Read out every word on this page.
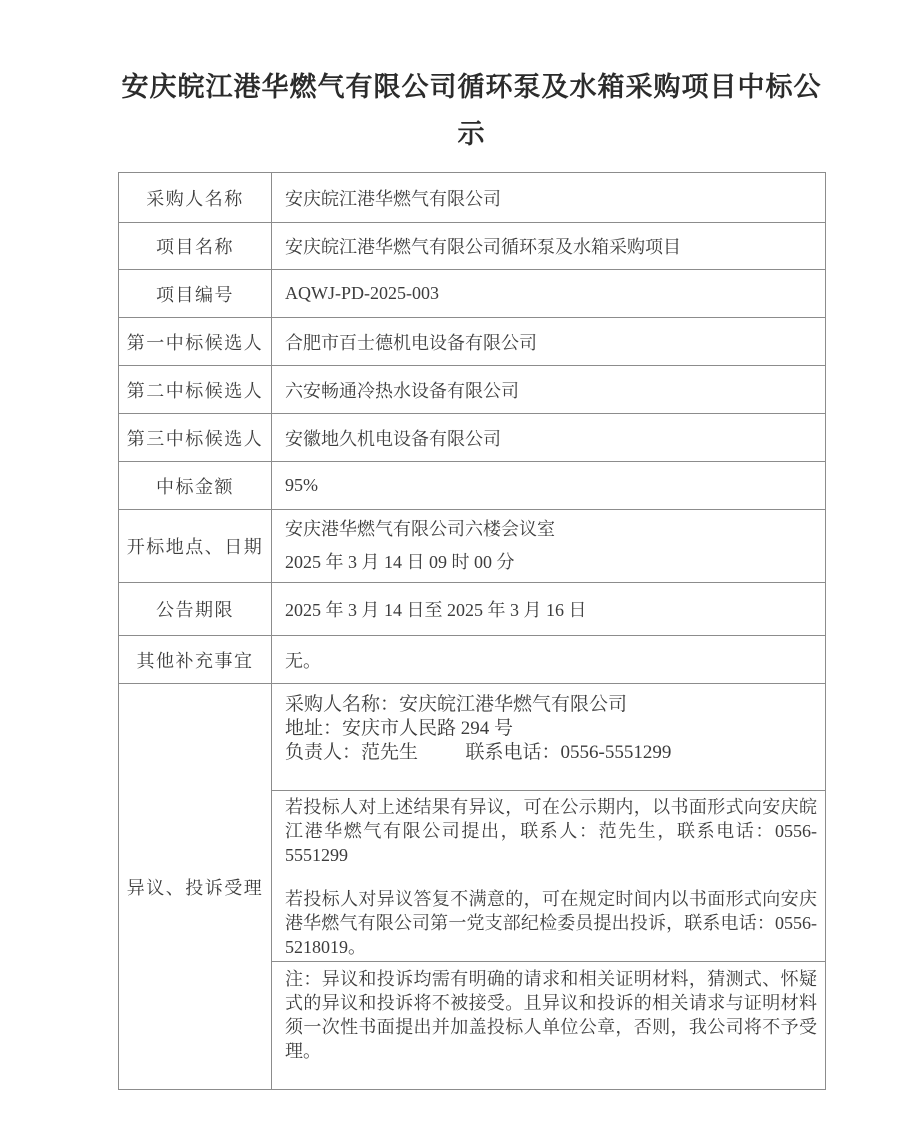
安庆皖江港华燃气有限公司循环泵及水箱采购项目中标公示
采购人名称	安庆皖江港华燃气有限公司
项目名称	安庆皖江港华燃气有限公司循环泵及水箱采购项目
项目编号	AQWJ-PD-2025-003
第一中标候选人	合肥市百士德机电设备有限公司
第二中标候选人	六安畅通冷热水设备有限公司
第三中标候选人	安徽地久机电设备有限公司
中标金额	95%
开标地点、日期	安庆港华燃气有限公司六楼会议室
2025 年 3 月 14 日 09 时 00 分

公告期限	2025 年 3 月 14 日至 2025 年 3 月 16 日
其他补充事宜	无。
异议、投诉受理	采购人名称：安庆皖江港华燃气有限公司
地址：安庆市人民路 294 号
负责人：范先生          联系电话：0556-5551299

	若投标人对上述结果有异议，可在公示期内，以书面形式向安庆皖江港华燃气有限公司提出，联系人：范先生，联系电话：0556-5551299

若投标人对异议答复不满意的，可在规定时间内以书面形式向安庆港华燃气有限公司第一党支部纪检委员提出投诉，联系电话：0556-5218019。

	注：异议和投诉均需有明确的请求和相关证明材料，猜测式、怀疑式的异议和投诉将不被接受。且异议和投诉的相关请求与证明材料须一次性书面提出并加盖投标人单位公章，否则，我公司将不予受理。
